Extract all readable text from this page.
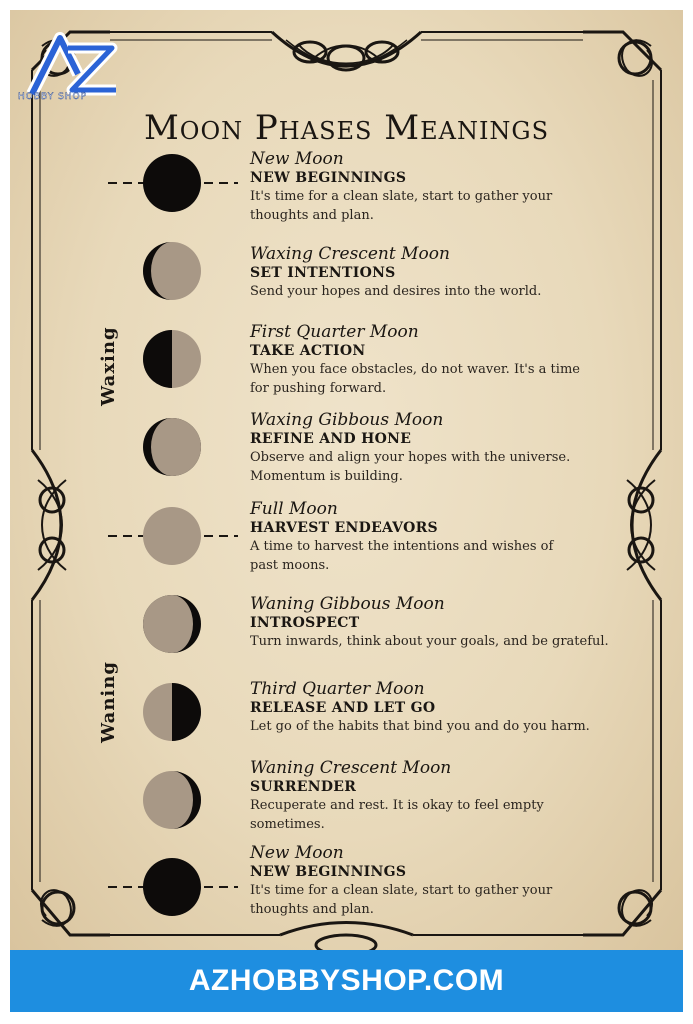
HOBBY SHOP
Moon Phases Meanings
Waxing
Waning
New Moon
NEW BEGINNINGS
It's time for a clean slate, start to gather your
thoughts and plan.
Waxing Crescent Moon
SET INTENTIONS
Send your hopes and desires into the world.
First Quarter Moon
TAKE ACTION
When you face obstacles, do not waver. It's a time
for pushing forward.
Waxing Gibbous Moon
REFINE AND HONE
Observe and align your hopes with the universe.
Momentum is building.
Full Moon
HARVEST ENDEAVORS
A time to harvest the intentions and wishes of
past moons.
Waning Gibbous Moon
INTROSPECT
Turn inwards, think about your goals, and be grateful.
Third Quarter Moon
RELEASE AND LET GO
Let go of the habits that bind you and do you harm.
Waning Crescent Moon
SURRENDER
Recuperate and rest. It is okay to feel empty
sometimes.
New Moon
NEW BEGINNINGS
It's time for a clean slate, start to gather your
thoughts and plan.
AZHOBBYSHOP.COM
